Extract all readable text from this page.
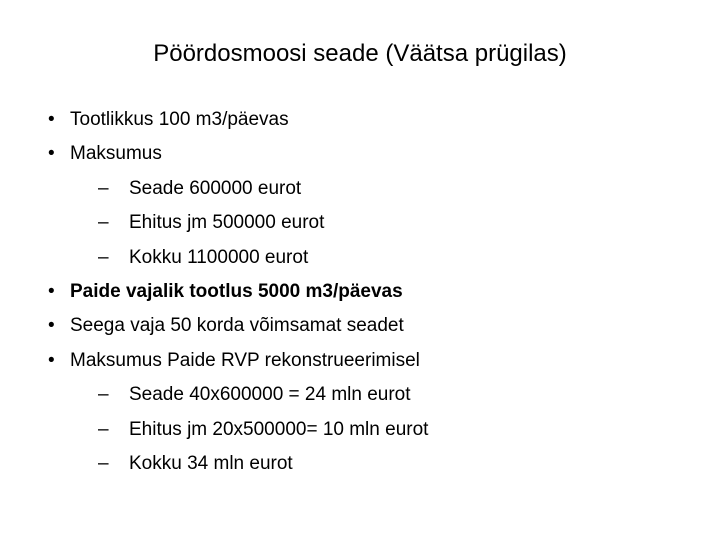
Pöördosmoosi seade (Väätsa prügilas)
• Tootlikkus 100 m3/päevas
• Maksumus
– Seade 600000 eurot
– Ehitus jm 500000 eurot
– Kokku 1100000 eurot
• Paide vajalik tootlus 5000 m3/päevas
• Seega vaja 50 korda võimsamat seadet
• Maksumus Paide RVP rekonstrueerimisel
– Seade 40x600000 = 24 mln eurot
– Ehitus jm 20x500000= 10 mln eurot
– Kokku 34 mln eurot
